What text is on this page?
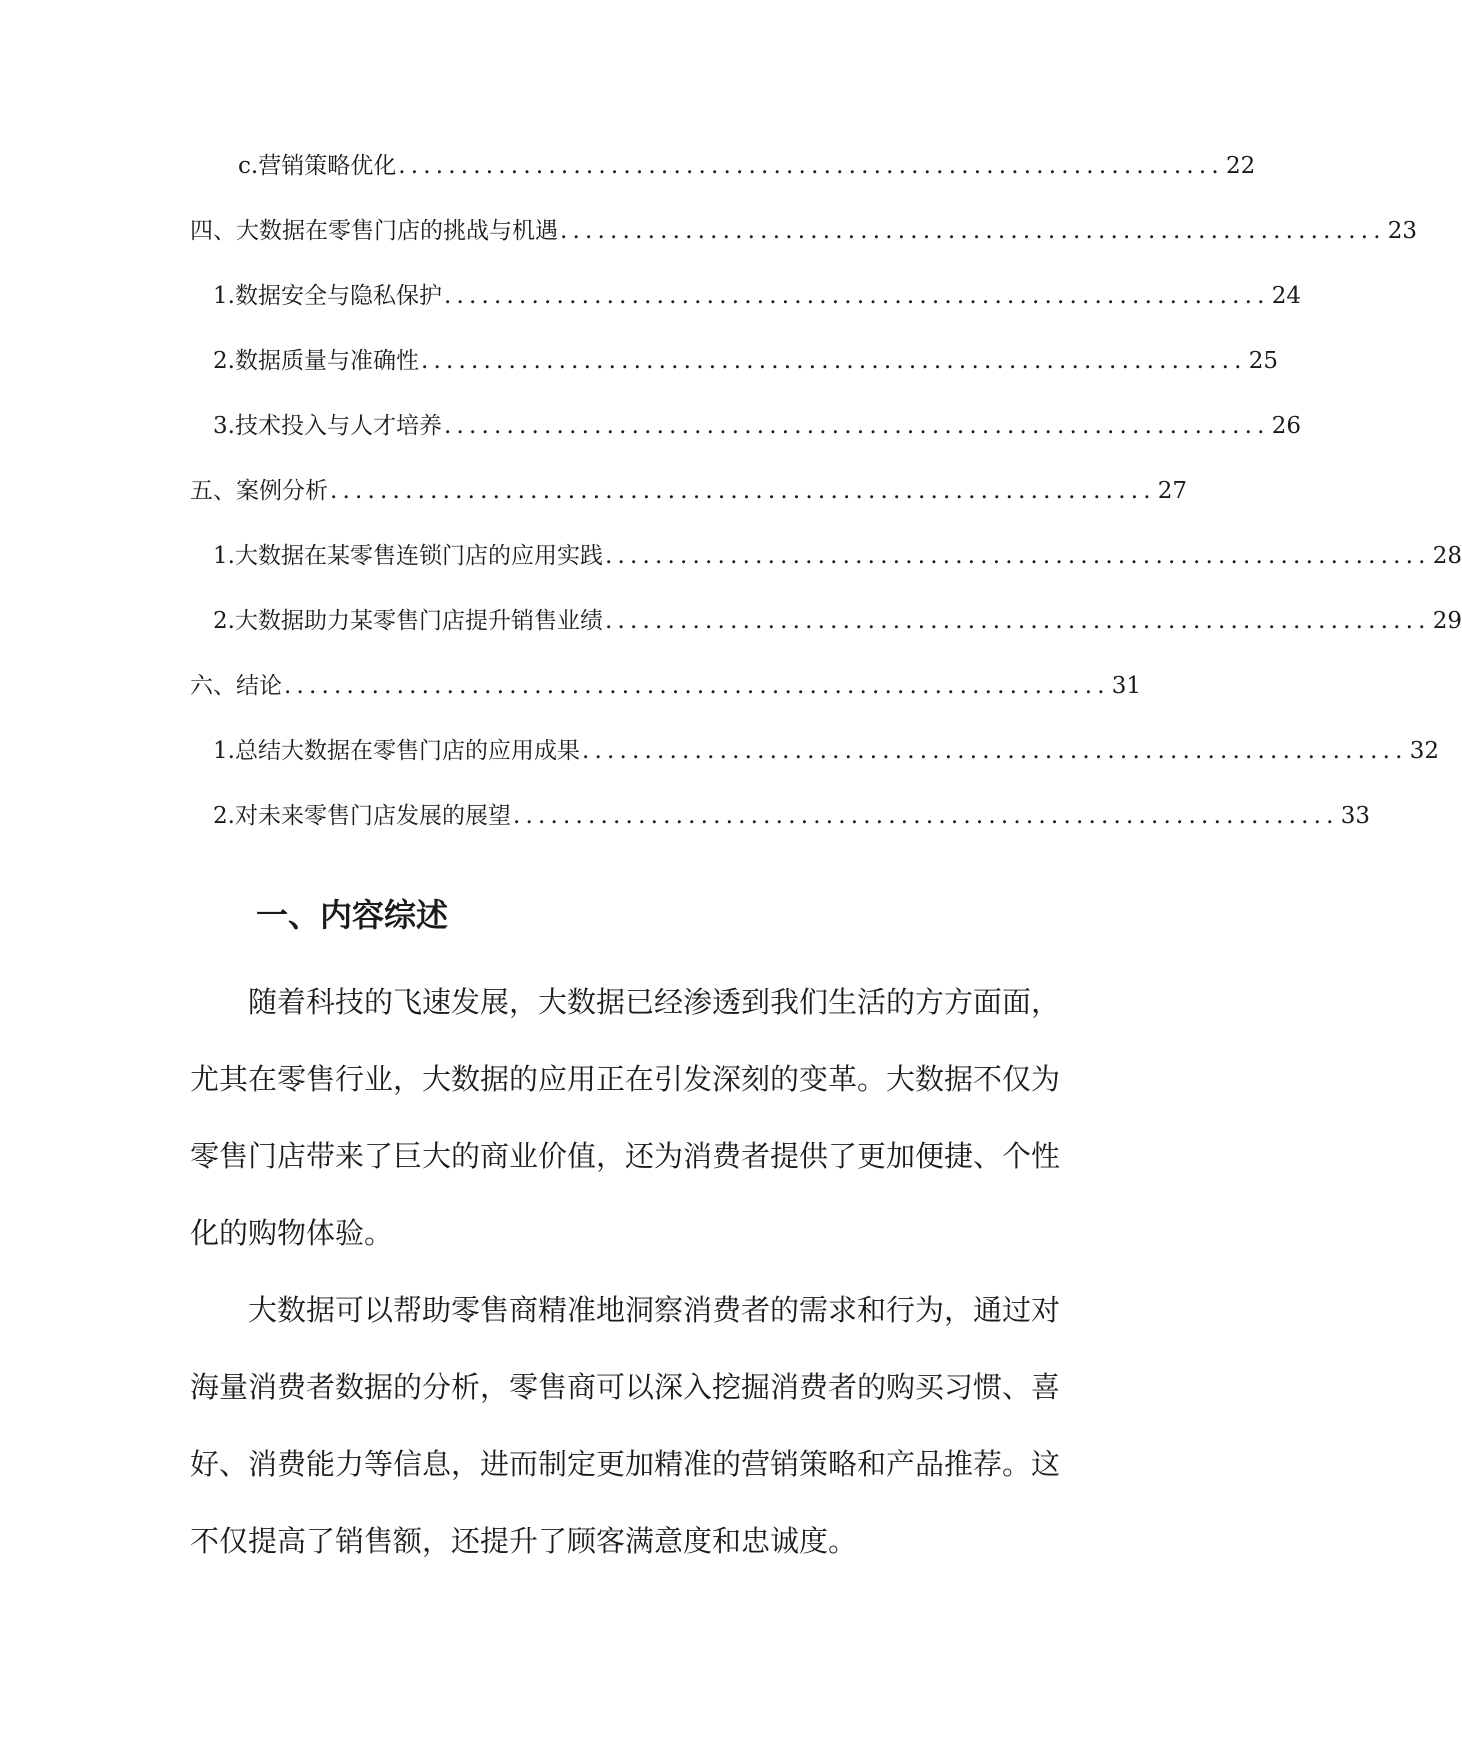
c. 营销策略优化 .................................................................. 22
四、大数据在零售门店的挑战与机遇 .................................................................. 23
1. 数据安全与隐私保护 .................................................................. 24
2. 数据质量与准确性 .................................................................. 25
3. 技术投入与人才培养 .................................................................. 26
五、案例分析 .................................................................. 27
1. 大数据在某零售连锁门店的应用实践 .................................................................. 28
2. 大数据助力某零售门店提升销售业绩 .................................................................. 29
六、结论 .................................................................. 31
1. 总结大数据在零售门店的应用成果 .................................................................. 32
2. 对未来零售门店发展的展望 .................................................................. 33
一、内容综述
　　随着科技的飞速发展，大数据已经渗透到我们生活的方方面面，
尤其在零售行业，大数据的应用正在引发深刻的变革。大数据不仅为
零售门店带来了巨大的商业价值，还为消费者提供了更加便捷、个性
化的购物体验。
　　大数据可以帮助零售商精准地洞察消费者的需求和行为，通过对
海量消费者数据的分析，零售商可以深入挖掘消费者的购买习惯、喜
好、消费能力等信息，进而制定更加精准的营销策略和产品推荐。这
不仅提高了销售额，还提升了顾客满意度和忠诚度。
